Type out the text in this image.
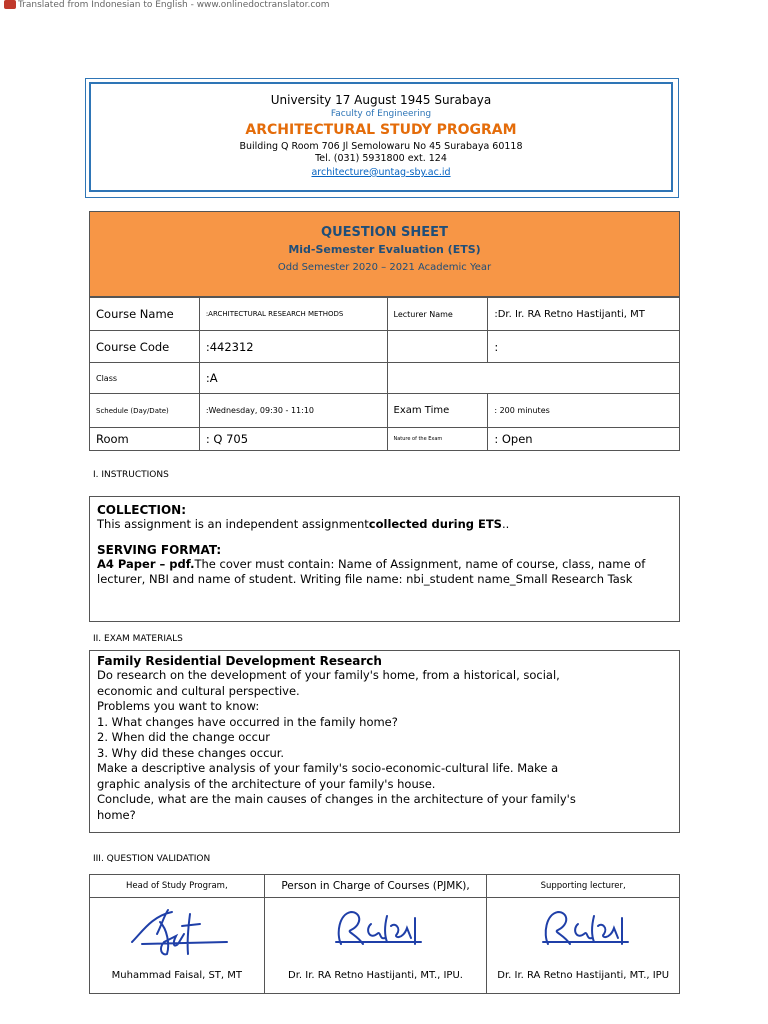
Translated from Indonesian to English - www.onlinedoctranslator.com
University 17 August 1945 Surabaya
Faculty of Engineering
ARCHITECTURAL STUDY PROGRAM
Building Q Room 706 Jl Semolowaru No 45 Surabaya 60118
Tel. (031) 5931800 ext. 124
architecture@untag-sby.ac.id
QUESTION SHEET
Mid-Semester Evaluation (ETS)
Odd Semester 2020 – 2021 Academic Year
Course Name	:ARCHITECTURAL RESEARCH METHODS	Lecturer Name	:Dr. Ir. RA Retno Hastijanti, MT
Course Code	:442312		:
Class	:A		
Schedule (Day/Date)	:Wednesday, 09:30 - 11:10	Exam Time	: 200 minutes
Room	: Q 705	Nature of the Exam	: Open
I. INSTRUCTIONS
COLLECTION:
This assignment is an independent assignmentcollected during ETS..
SERVING FORMAT:
A4 Paper – pdf.The cover must contain: Name of Assignment, name of course, class, name of lecturer, NBI and name of student. Writing file name: nbi_student name_Small Research Task
II. EXAM MATERIALS
Family Residential Development Research
Do research on the development of your family's home, from a historical, social,
economic and cultural perspective.
Problems you want to know:
1. What changes have occurred in the family home?
2. When did the change occur
3. Why did these changes occur.
Make a descriptive analysis of your family's socio-economic-cultural life. Make a
graphic analysis of the architecture of your family's house.
Conclude, what are the main causes of changes in the architecture of your family's
home?
III. QUESTION VALIDATION
Head of Study Program,	Person in Charge of Courses (PJMK),	Supporting lecturer,

Muhammad Faisal, ST, MT	Dr. Ir. RA Retno Hastijanti, MT., IPU.	Dr. Ir. RA Retno Hastijanti, MT., IPU
